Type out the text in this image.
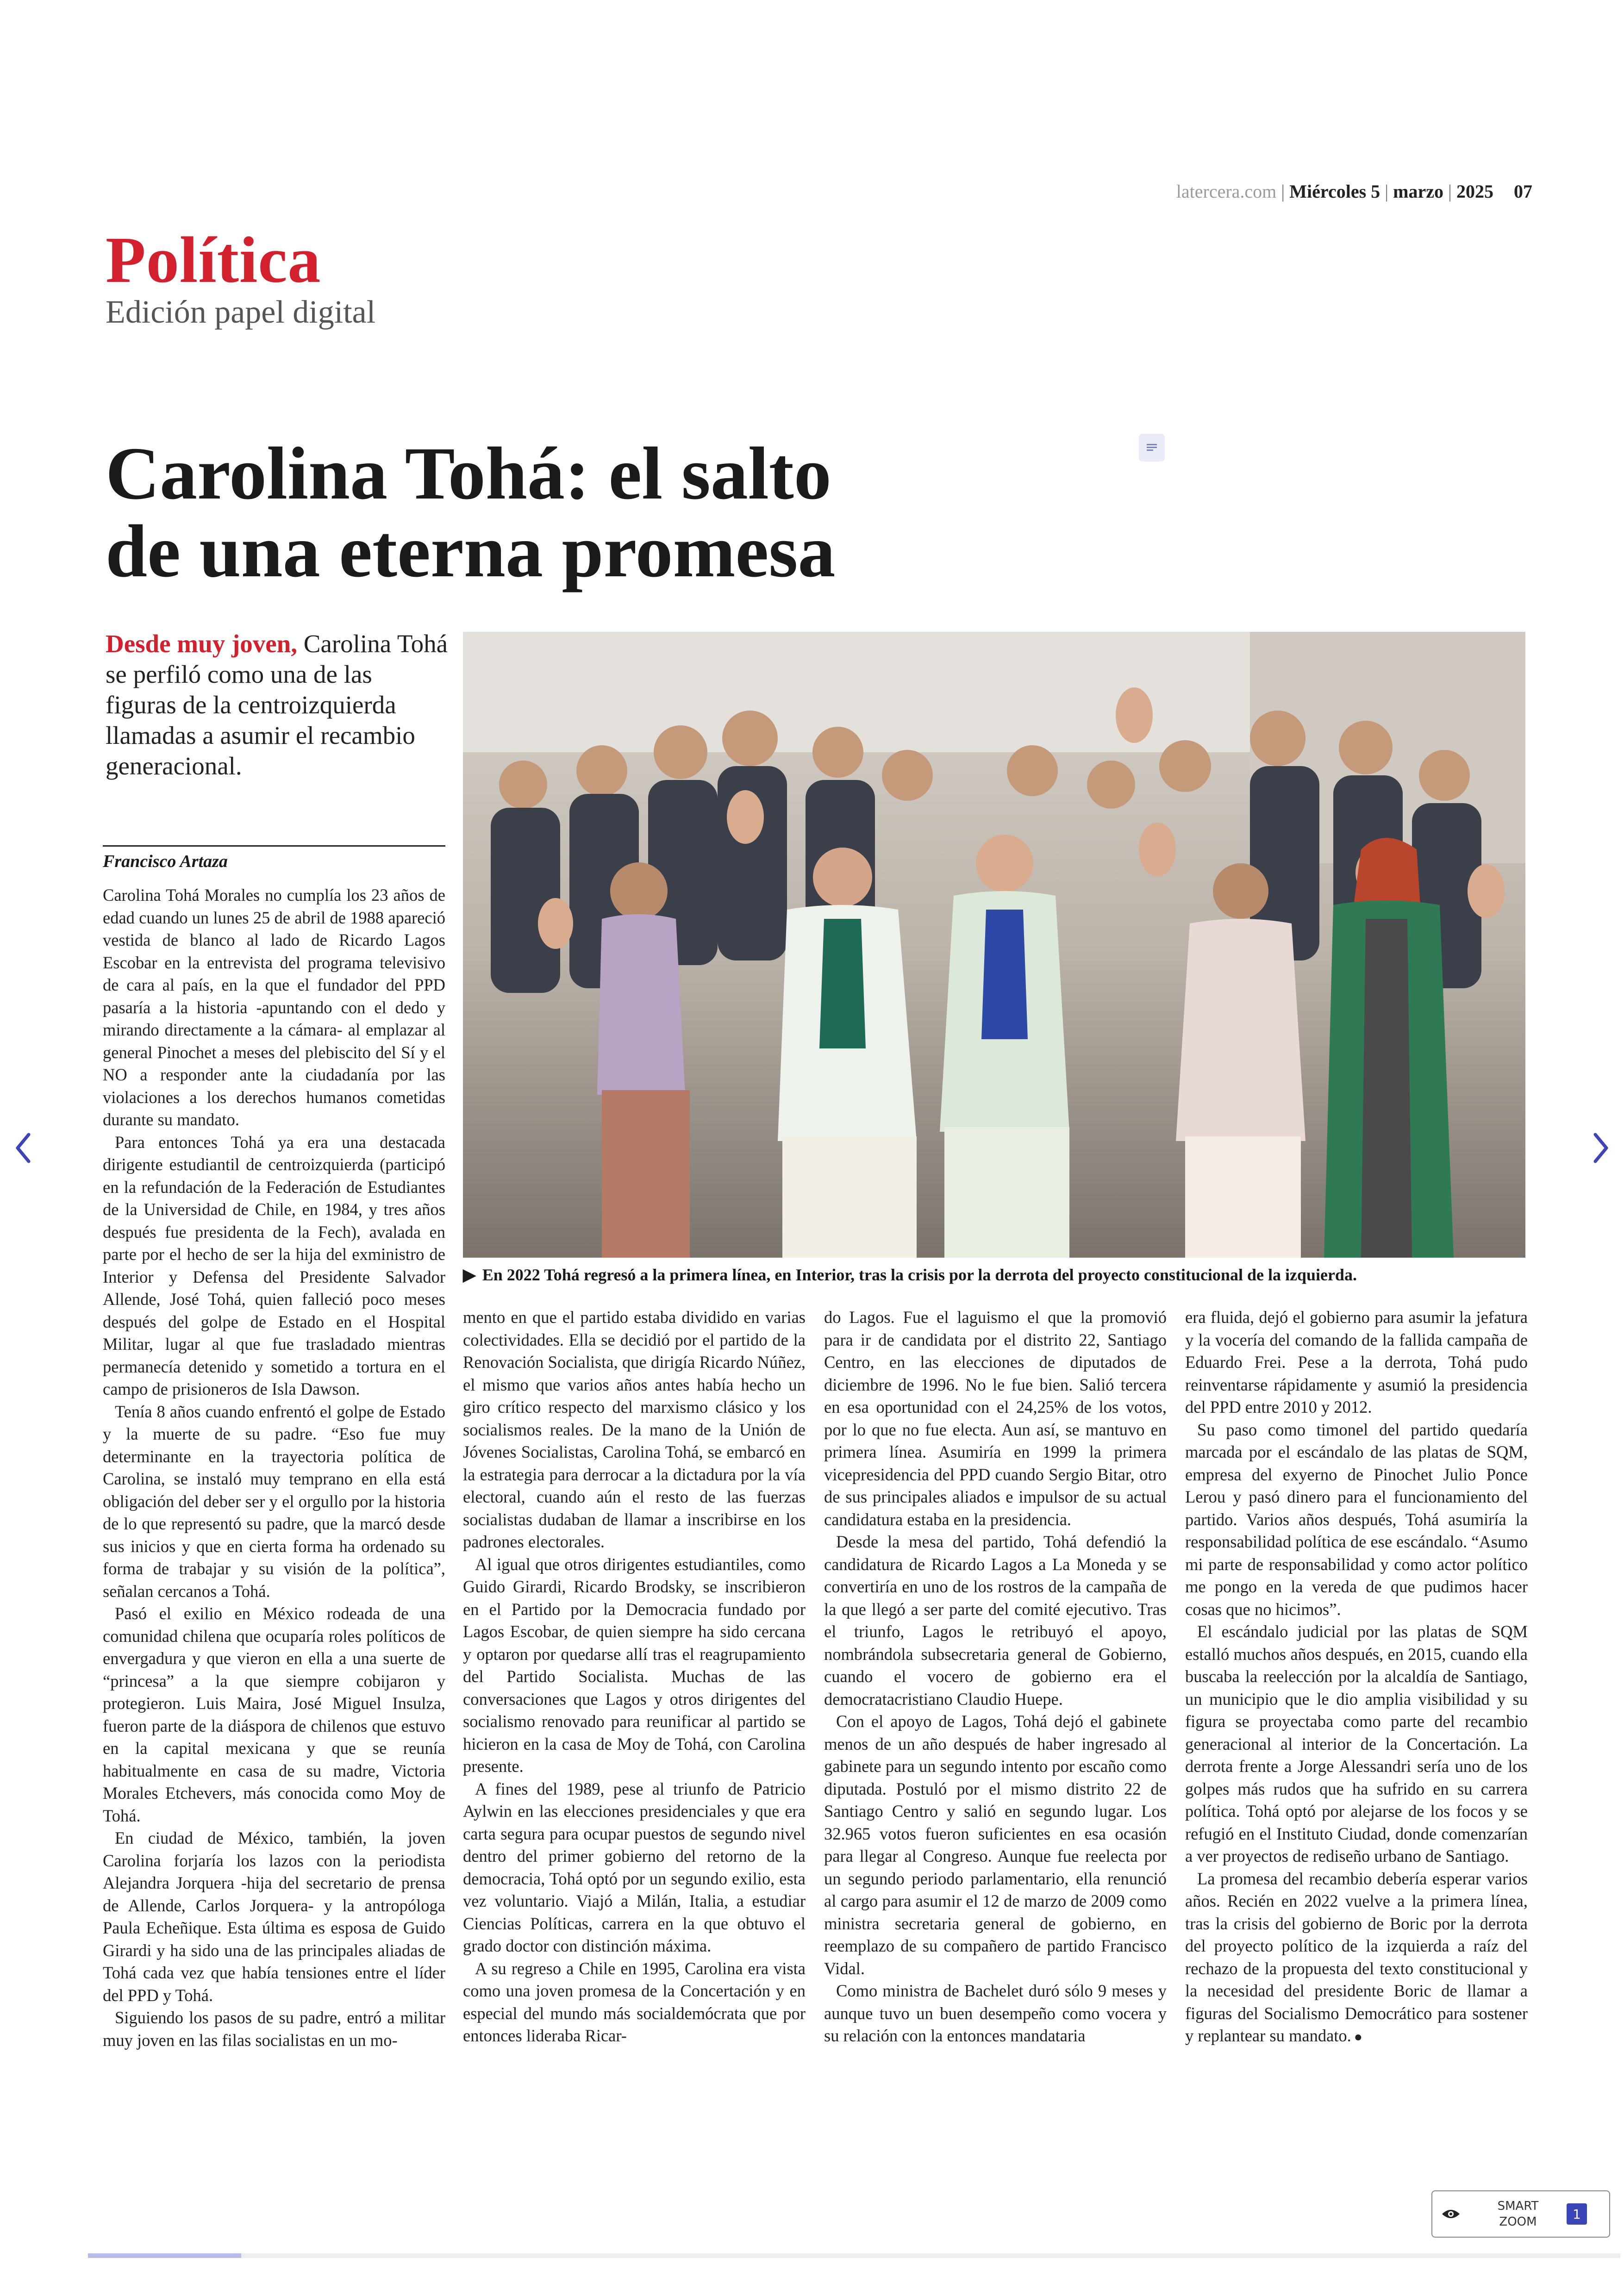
latercera.com | Miércoles 5 | marzo | 2025 07
Política
Edición papel digital
Carolina Tohá: el salto
de una eterna promesa
Desde muy joven, Carolina Tohá se perfiló como una de las figuras de la centroizquierda llamadas a asumir el recambio generacional.
Francisco Artaza
▶ En 2022 Tohá regresó a la primera línea, en Interior, tras la crisis por la derrota del proyecto constitucional de la izquierda.

Carolina Tohá Morales no cumplía los 23 años de edad cuando un lunes 25 de abril de 1988 apareció vestida de blanco al lado de Ricardo Lagos Escobar en la entrevista del programa televisivo de cara al país, en la que el fundador del PPD pasaría a la historia -apuntando con el dedo y mirando directamente a la cámara- al emplazar al general Pinochet a meses del plebiscito del Sí y el NO a responder ante la ciudadanía por las violaciones a los derechos humanos cometidas durante su mandato.

Para entonces Tohá ya era una destacada dirigente estudiantil de centroizquierda (participó en la refundación de la Federación de Estudiantes de la Universidad de Chile, en 1984, y tres años después fue presidenta de la Fech), avalada en parte por el hecho de ser la hija del exministro de Interior y Defensa del Presidente Salvador Allende, José Tohá, quien falleció poco meses después del golpe de Estado en el Hospital Militar, lugar al que fue trasladado mientras permanecía detenido y sometido a tortura en el campo de prisioneros de Isla Dawson.

Tenía 8 años cuando enfrentó el golpe de Estado y la muerte de su padre. “Eso fue muy determinante en la trayectoria política de Carolina, se instaló muy temprano en ella está obligación del deber ser y el orgullo por la historia de lo que representó su padre, que la marcó desde sus inicios y que en cierta forma ha ordenado su forma de trabajar y su visión de la política”, señalan cercanos a Tohá.

Pasó el exilio en México rodeada de una comunidad chilena que ocuparía roles políticos de envergadura y que vieron en ella a una suerte de “princesa” a la que siempre cobijaron y protegieron. Luis Maira, José Miguel Insulza, fueron parte de la diáspora de chilenos que estuvo en la capital mexicana y que se reunía habitualmente en casa de su madre, Victoria Morales Etchevers, más conocida como Moy de Tohá.

En ciudad de México, también, la joven Carolina forjaría los lazos con la periodista Alejandra Jorquera -hija del secretario de prensa de Allende, Carlos Jorquera- y la antropóloga Paula Echeñique. Esta última es esposa de Guido Girardi y ha sido una de las principales aliadas de Tohá cada vez que había tensiones entre el líder del PPD y Tohá.

Siguiendo los pasos de su padre, entró a militar muy joven en las filas socialistas en un mo-

mento en que el partido estaba dividido en varias colectividades. Ella se decidió por el partido de la Renovación Socialista, que dirigía Ricardo Núñez, el mismo que varios años antes había hecho un giro crítico respecto del marxismo clásico y los socialismos reales. De la mano de la Unión de Jóvenes Socialistas, Carolina Tohá, se embarcó en la estrategia para derrocar a la dictadura por la vía electoral, cuando aún el resto de las fuerzas socialistas dudaban de llamar a inscribirse en los padrones electorales.

Al igual que otros dirigentes estudiantiles, como Guido Girardi, Ricardo Brodsky, se inscribieron en el Partido por la Democracia fundado por Lagos Escobar, de quien siempre ha sido cercana y optaron por quedarse allí tras el reagrupamiento del Partido Socialista. Muchas de las conversaciones que Lagos y otros dirigentes del socialismo renovado para reunificar al partido se hicieron en la casa de Moy de Tohá, con Carolina presente.

A fines del 1989, pese al triunfo de Patricio Aylwin en las elecciones presidenciales y que era carta segura para ocupar puestos de segundo nivel dentro del primer gobierno del retorno de la democracia, Tohá optó por un segundo exilio, esta vez voluntario. Viajó a Milán, Italia, a estudiar Ciencias Políticas, carrera en la que obtuvo el grado doctor con distinción máxima.

A su regreso a Chile en 1995, Carolina era vista como una joven promesa de la Concertación y en especial del mundo más socialdemócrata que por entonces lideraba Ricar-

do Lagos. Fue el laguismo el que la promovió para ir de candidata por el distrito 22, Santiago Centro, en las elecciones de diputados de diciembre de 1996. No le fue bien. Salió tercera en esa oportunidad con el 24,25% de los votos, por lo que no fue electa. Aun así, se mantuvo en primera línea. Asumiría en 1999 la primera vicepresidencia del PPD cuando Sergio Bitar, otro de sus principales aliados e impulsor de su actual candidatura estaba en la presidencia.

Desde la mesa del partido, Tohá defendió la candidatura de Ricardo Lagos a La Moneda y se convertiría en uno de los rostros de la campaña de la que llegó a ser parte del comité ejecutivo. Tras el triunfo, Lagos le retribuyó el apoyo, nombrándola subsecretaria general de Gobierno, cuando el vocero de gobierno era el democratacristiano Claudio Huepe.

Con el apoyo de Lagos, Tohá dejó el gabinete menos de un año después de haber ingresado al gabinete para un segundo intento por escaño como diputada. Postuló por el mismo distrito 22 de Santiago Centro y salió en segundo lugar. Los 32.965 votos fueron suficientes en esa ocasión para llegar al Congreso. Aunque fue reelecta por un segundo periodo parlamentario, ella renunció al cargo para asumir el 12 de marzo de 2009 como ministra secretaria general de gobierno, en reemplazo de su compañero de partido Francisco Vidal.

Como ministra de Bachelet duró sólo 9 meses y aunque tuvo un buen desempeño como vocera y su relación con la entonces mandataria

era fluida, dejó el gobierno para asumir la jefatura y la vocería del comando de la fallida campaña de Eduardo Frei. Pese a la derrota, Tohá pudo reinventarse rápidamente y asumió la presidencia del PPD entre 2010 y 2012.

Su paso como timonel del partido quedaría marcada por el escándalo de las platas de SQM, empresa del exyerno de Pinochet Julio Ponce Lerou y pasó dinero para el funcionamiento del partido. Varios años después, Tohá asumiría la responsabilidad política de ese escándalo. “Asumo mi parte de responsabilidad y como actor político me pongo en la vereda de que pudimos hacer cosas que no hicimos”.

El escándalo judicial por las platas de SQM estalló muchos años después, en 2015, cuando ella buscaba la reelección por la alcaldía de Santiago, un municipio que le dio amplia visibilidad y su figura se proyectaba como parte del recambio generacional al interior de la Concertación. La derrota frente a Jorge Alessandri sería uno de los golpes más rudos que ha sufrido en su carrera política. Tohá optó por alejarse de los focos y se refugió en el Instituto Ciudad, donde comenzarían a ver proyectos de rediseño urbano de Santiago.

La promesa del recambio debería esperar varios años. Recién en 2022 vuelve a la primera línea, tras la crisis del gobierno de Boric por la derrota del proyecto político de la izquierda a raíz del rechazo de la propuesta del texto constitucional y la necesidad del presidente Boric de llamar a figuras del Socialismo Democrático para sostener y replantear su mandato. ●

SMART
ZOOM
1
